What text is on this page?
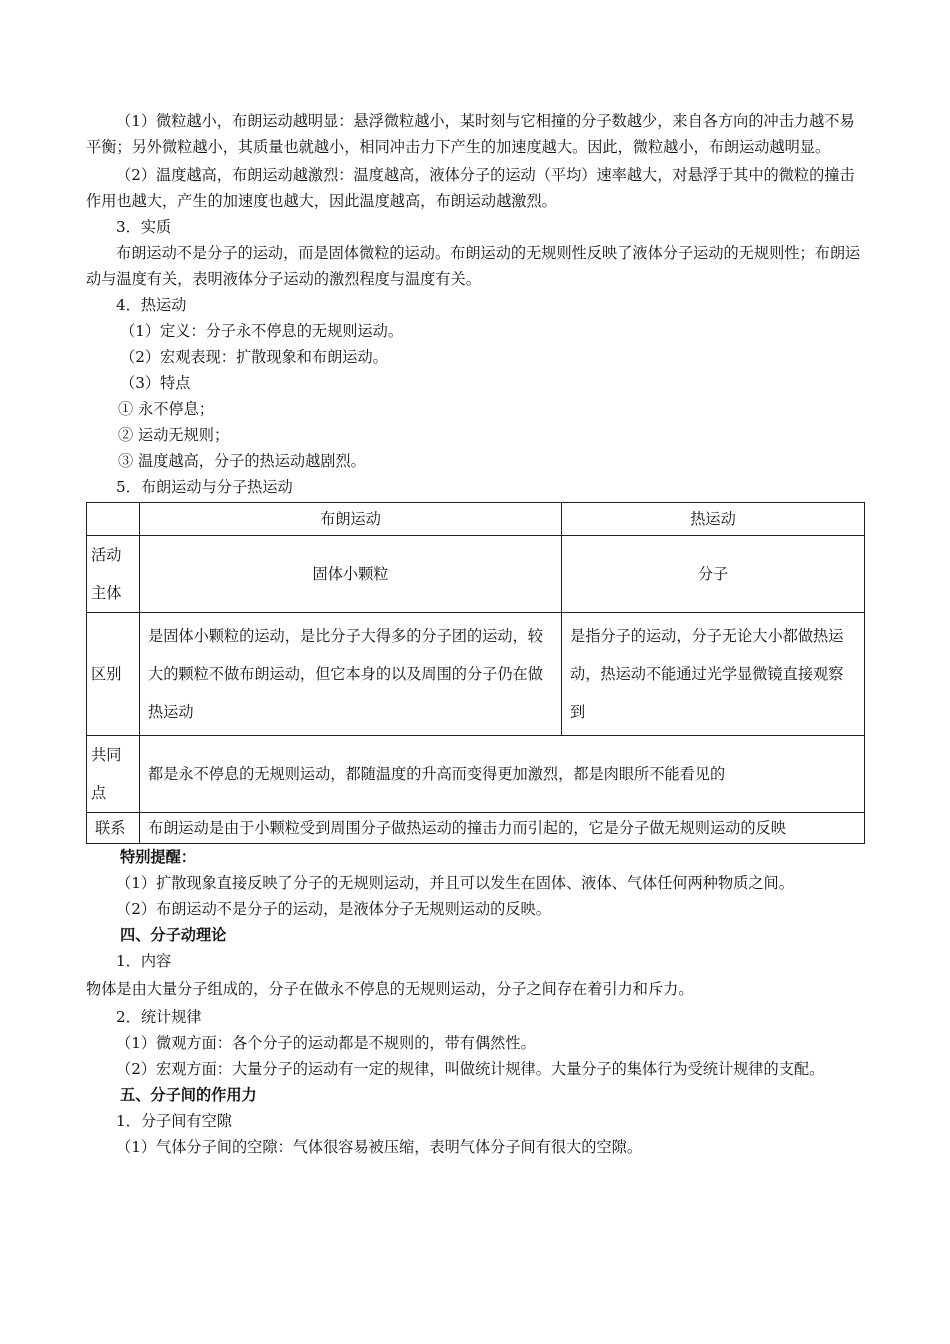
（1）微粒越小，布朗运动越明显：悬浮微粒越小，某时刻与它相撞的分子数越少，来自各方向的冲击力越不易平衡；另外微粒越小，其质量也就越小，相同冲击力下产生的加速度越大。因此，微粒越小，布朗运动越明显。

（2）温度越高，布朗运动越激烈：温度越高，液体分子的运动（平均）速率越大，对悬浮于其中的微粒的撞击作用也越大，产生的加速度也越大，因此温度越高，布朗运动越激烈。

3．实质

布朗运动不是分子的运动，而是固体微粒的运动。布朗运动的无规则性反映了液体分子运动的无规则性；布朗运动与温度有关，表明液体分子运动的激烈程度与温度有关。

4．热运动

（1）定义：分子永不停息的无规则运动。

（2）宏观表现：扩散现象和布朗运动。

（3）特点

① 永不停息；

② 运动无规则；

③ 温度越高，分子的热运动越剧烈。

5．布朗运动与分子热运动

	布朗运动	热运动
活动主体	固体小颗粒	分子
区别	是固体小颗粒的运动，是比分子大得多的分子团的运动，较大的颗粒不做布朗运动，但它本身的以及周围的分子仍在做热运动	是指分子的运动，分子无论大小都做热运动，热运动不能通过光学显微镜直接观察到
共同点	都是永不停息的无规则运动，都随温度的升高而变得更加激烈，都是肉眼所不能看见的	
联系	布朗运动是由于小颗粒受到周围分子做热运动的撞击力而引起的，它是分子做无规则运动的反映	

特别提醒：

（1）扩散现象直接反映了分子的无规则运动，并且可以发生在固体、液体、气体任何两种物质之间。

（2）布朗运动不是分子的运动，是液体分子无规则运动的反映。

四、分子动理论

1．内容

物体是由大量分子组成的，分子在做永不停息的无规则运动，分子之间存在着引力和斥力。

2．统计规律

（1）微观方面：各个分子的运动都是不规则的，带有偶然性。

（2）宏观方面：大量分子的运动有一定的规律，叫做统计规律。大量分子的集体行为受统计规律的支配。

五、分子间的作用力

1．分子间有空隙

（1）气体分子间的空隙：气体很容易被压缩，表明气体分子间有很大的空隙。
